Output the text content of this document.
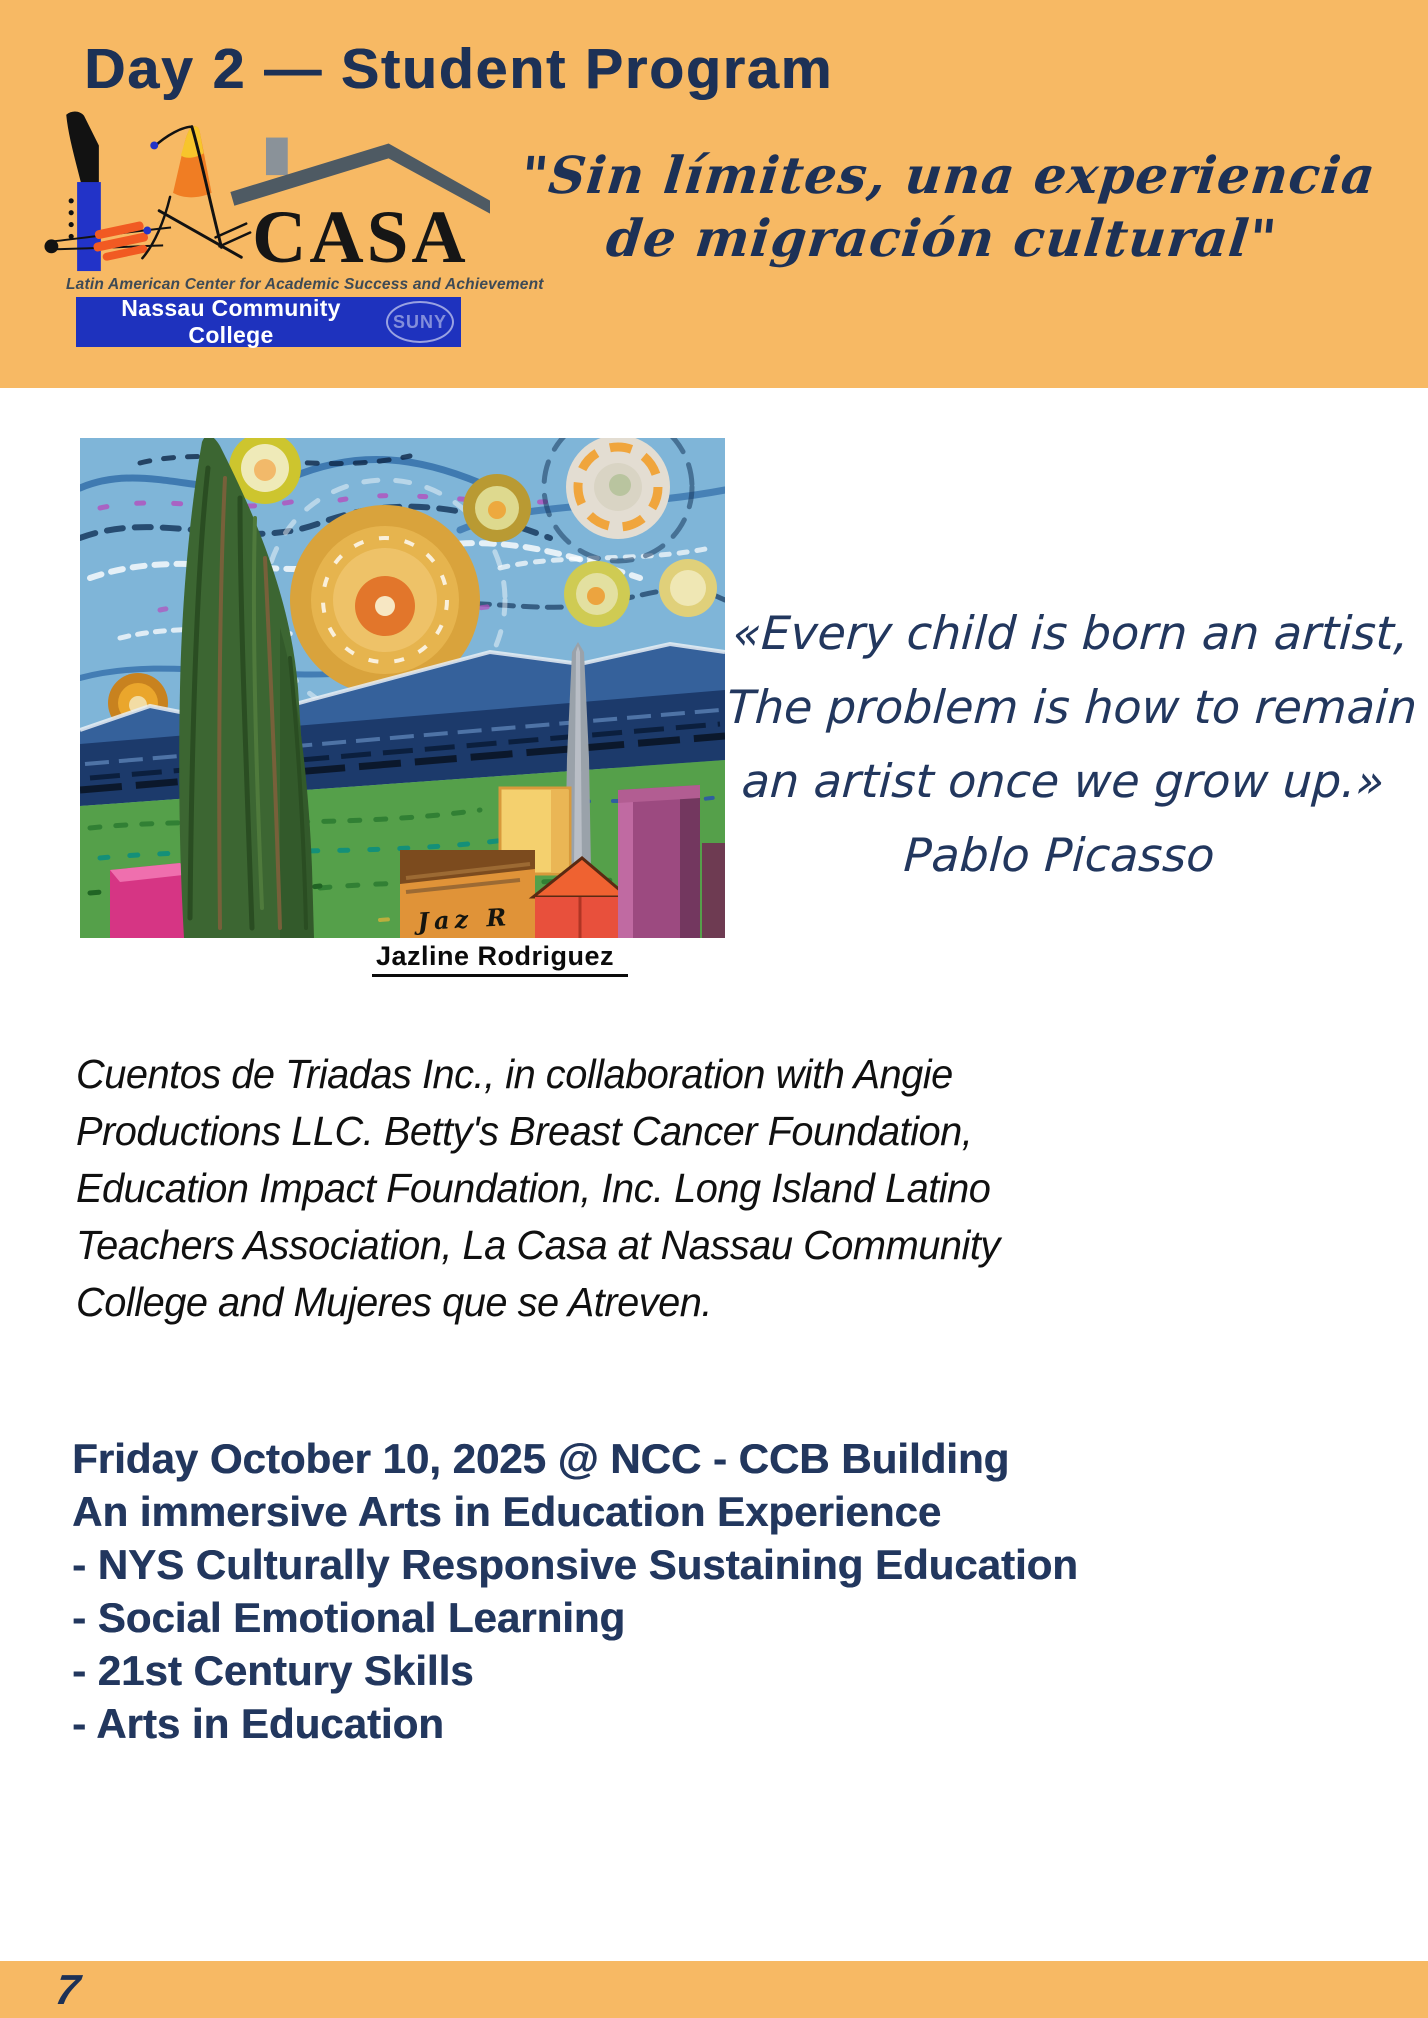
Day 2 — Student Program
CASA
Latin American Center for Academic Success and Achievement
Nassau Community College
SUNY
"Sin límites, una experiencia
de migración cultural"
Jaz R
Jazline Rodriguez
«Every child is born an artist,
The problem is how to remain
an artist once we grow up.»
Pablo Picasso
Cuentos de Triadas Inc., in collaboration with Angie
Productions LLC. Betty's Breast Cancer Foundation,
Education Impact Foundation, Inc. Long Island Latino
Teachers Association, La Casa at Nassau Community
College and Mujeres que se Atreven.
Friday October 10, 2025 @ NCC - CCB Building
An immersive Arts in Education Experience
- NYS Culturally Responsive Sustaining Education
- Social Emotional Learning
- 21st Century Skills
- Arts in Education
7
